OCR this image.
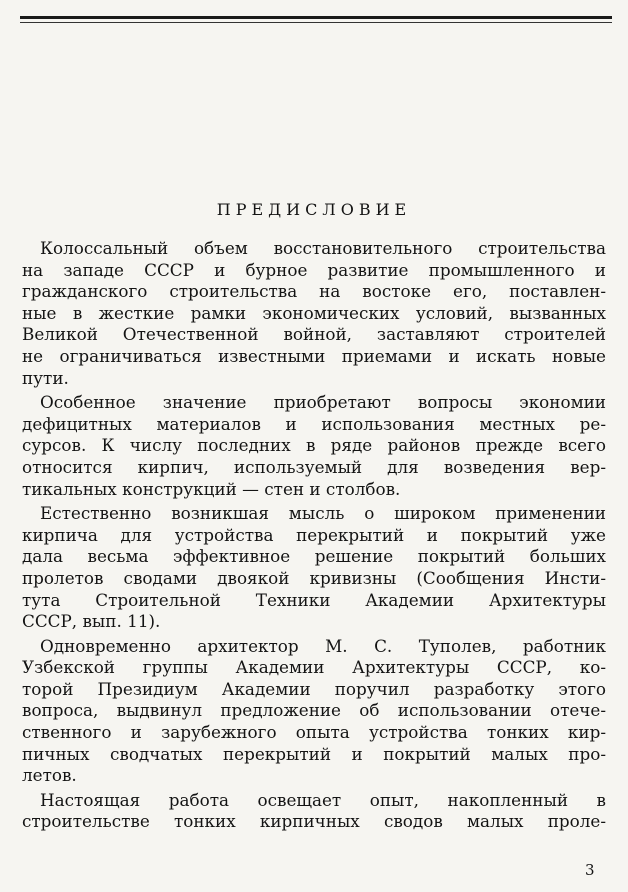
ПРЕДИСЛОВИЕ
Колоссальный объем восстановительного строительства
на западе СССР и бурное развитие промышленного и
гражданского строительства на востоке его, поставлен-
ные в жесткие рамки экономических условий, вызванных
Великой Отечественной войной, заставляют строителей
не ограничиваться известными приемами и искать новые
пути.
Особенное значение приобретают вопросы экономии
дефицитных материалов и использования местных ре-
сурсов. К числу последних в ряде районов прежде всего
относится кирпич, используемый для возведения вер-
тикальных конструкций — стен и столбов.
Естественно возникшая мысль о широком применении
кирпича для устройства перекрытий и покрытий уже
дала весьма эффективное решение покрытий больших
пролетов сводами двоякой кривизны (Сообщения Инсти-
тута Строительной Техники Академии Архитектуры
СССР, вып. 11).
Одновременно архитектор М. С. Туполев, работник
Узбекской группы Академии Архитектуры СССР, ко-
торой Президиум Академии поручил разработку этого
вопроса, выдвинул предложение об использовании отече-
ственного и зарубежного опыта устройства тонких кир-
пичных сводчатых перекрытий и покрытий малых про-
летов.
Настоящая работа освещает опыт, накопленный в
строительстве тонких кирпичных сводов малых проле-
3
